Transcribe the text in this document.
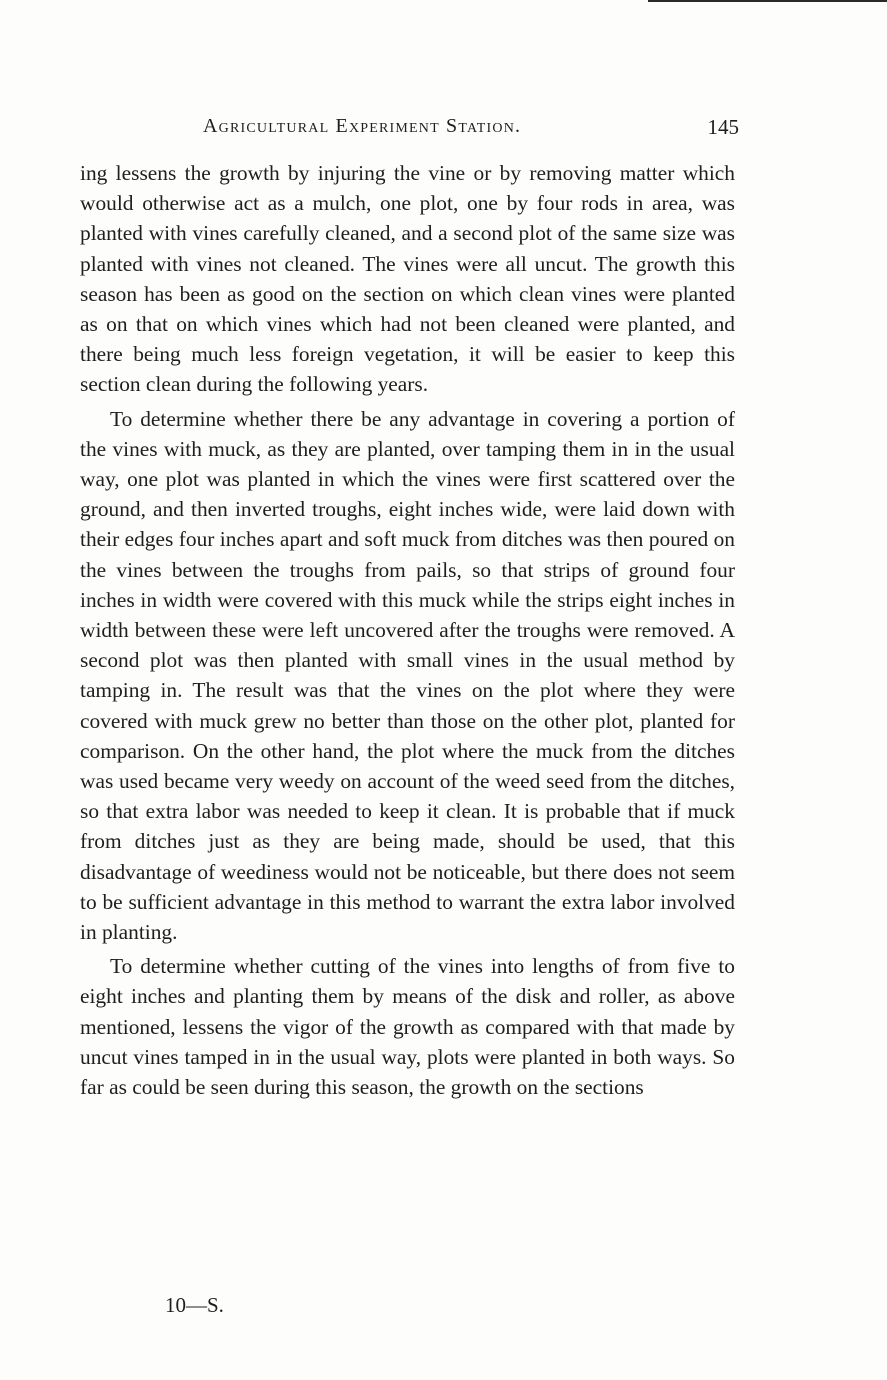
Agricultural Experiment Station.	145

ing lessens the growth by injuring the vine or by removing matter which would otherwise act as a mulch, one plot, one by four rods in area, was planted with vines carefully cleaned, and a second plot of the same size was planted with vines not cleaned. The vines were all uncut. The growth this season has been as good on the section on which clean vines were planted as on that on which vines which had not been cleaned were planted, and there being much less foreign vegetation, it will be easier to keep this section clean during the following years.

To determine whether there be any advantage in covering a portion of the vines with muck, as they are planted, over tamping them in in the usual way, one plot was planted in which the vines were first scattered over the ground, and then inverted troughs, eight inches wide, were laid down with their edges four inches apart and soft muck from ditches was then poured on the vines between the troughs from pails, so that strips of ground four inches in width were covered with this muck while the strips eight inches in width between these were left uncovered after the troughs were removed. A second plot was then planted with small vines in the usual method by tamping in. The result was that the vines on the plot where they were covered with muck grew no better than those on the other plot, planted for comparison. On the other hand, the plot where the muck from the ditches was used became very weedy on account of the weed seed from the ditches, so that extra labor was needed to keep it clean. It is probable that if muck from ditches just as they are being made, should be used, that this disadvantage of weediness would not be noticeable, but there does not seem to be sufficient advantage in this method to warrant the extra labor involved in planting.

To determine whether cutting of the vines into lengths of from five to eight inches and planting them by means of the disk and roller, as above mentioned, lessens the vigor of the growth as compared with that made by uncut vines tamped in in the usual way, plots were planted in both ways. So far as could be seen during this season, the growth on the sections

10—S.
